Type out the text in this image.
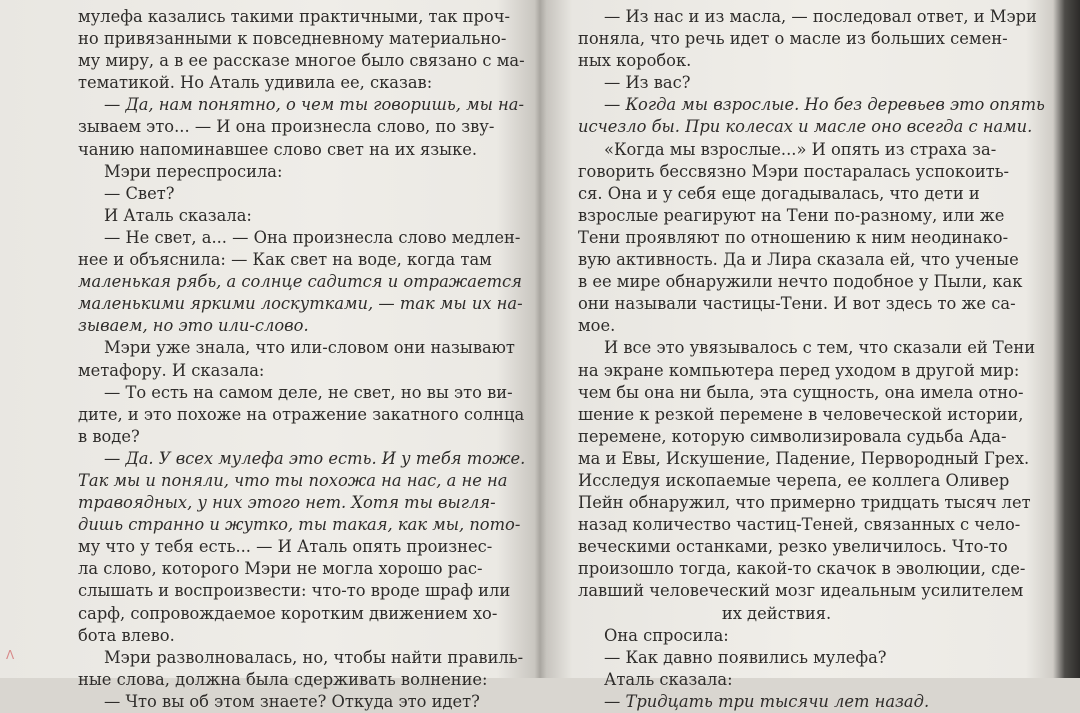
мулефа казались такими практичными, так проч-
но привязанными к повседневному материально-
му миру, а в ее рассказе многое было связано с ма-
тематикой. Но Аталь удивила ее, сказав:
— Да, нам понятно, о чем ты говоришь, мы на-
зываем это... — И она произнесла слово, по зву-
чанию напоминавшее слово свет на их языке.
Мэри переспросила:
— Свет?
И Аталь сказала:
— Не свет, а... — Она произнесла слово медлен-
нее и объяснила: — Как свет на воде, когда там
маленькая рябь, а солнце садится и отражается
маленькими яркими лоскутками, — так мы их на-
зываем, но это или-слово.
Мэри уже знала, что или-словом они называют
метафору. И сказала:
— То есть на самом деле, не свет, но вы это ви-
дите, и это похоже на отражение закатного солнца
в воде?
— Да. У всех мулефа это есть. И у тебя тоже.
Так мы и поняли, что ты похожа на нас, а не на
травоядных, у них этого нет. Хотя ты выгля-
дишь странно и жутко, ты такая, как мы, пото-
му что у тебя есть... — И Аталь опять произнес-
ла слово, которого Мэри не могла хорошо рас-
слышать и воспроизвести: что-то вроде шраф или
сарф, сопровождаемое коротким движением хо-
бота влево.
Мэри разволновалась, но, чтобы найти правиль-
ные слова, должна была сдерживать волнение:
— Что вы об этом знаете? Откуда это идет?
— Из нас и из масла, — последовал ответ, и Мэри
поняла, что речь идет о масле из больших семен-
ных коробок.
— Из вас?
— Когда мы взрослые. Но без деревьев это опять
исчезло бы. При колесах и масле оно всегда с нами.
«Когда мы взрослые...» И опять из страха за-
говорить бессвязно Мэри постаралась успокоить-
ся. Она и у себя еще догадывалась, что дети и
взрослые реагируют на Тени по-разному, или же
Тени проявляют по отношению к ним неодинако-
вую активность. Да и Лира сказала ей, что ученые
в ее мире обнаружили нечто подобное у Пыли, как
они называли частицы-Тени. И вот здесь то же са-
мое.
И все это увязывалось с тем, что сказали ей Тени
на экране компьютера перед уходом в другой мир:
чем бы она ни была, эта сущность, она имела отно-
шение к резкой перемене в человеческой истории,
перемене, которую символизировала судьба Ада-
ма и Евы, Искушение, Падение, Первородный Грех.
Исследуя ископаемые черепа, ее коллега Оливер
Пейн обнаружил, что примерно тридцать тысяч лет
назад количество частиц-Теней, связанных с чело-
веческими останками, резко увеличилось. Что-то
произошло тогда, какой-то скачок в эволюции, сде-
лавший человеческий мозг идеальным усилителем
их действия.
Она спросила:
— Как давно появились мулефа?
Аталь сказала:
— Тридцать три тысячи лет назад.
Λ
